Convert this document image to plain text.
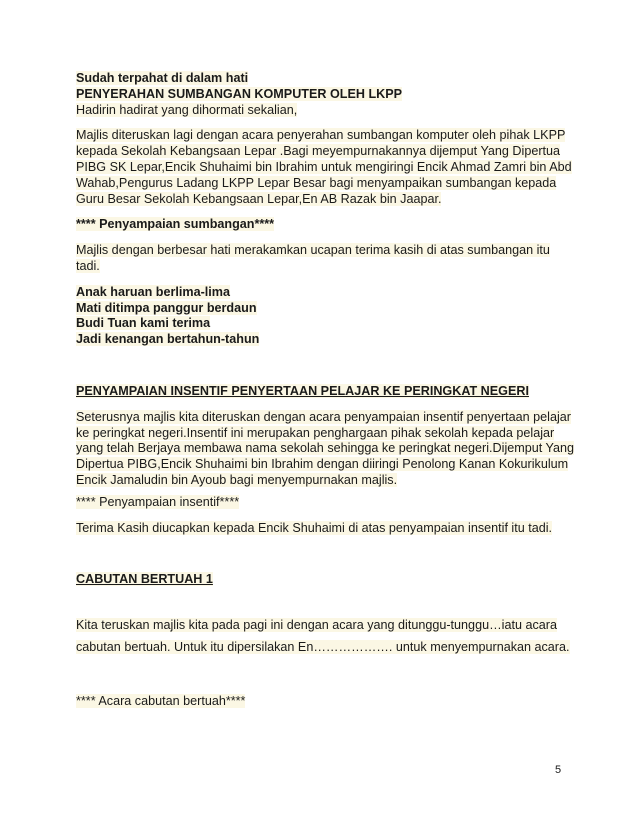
Sudah terpahat di dalam hati

PENYERAHAN SUMBANGAN KOMPUTER OLEH LKPP

Hadirin hadirat yang dihormati sekalian,

Majlis diteruskan lagi dengan acara penyerahan sumbangan komputer oleh pihak LKPP kepada Sekolah Kebangsaan Lepar .Bagi meyempurnakannya dijemput Yang Dipertua PIBG SK Lepar,Encik Shuhaimi bin Ibrahim untuk mengiringi Encik Ahmad Zamri bin Abd Wahab,Pengurus Ladang LKPP Lepar Besar bagi menyampaikan sumbangan kepada Guru Besar Sekolah Kebangsaan Lepar,En AB Razak bin Jaapar.

**** Penyampaian sumbangan****

Majlis dengan berbesar hati merakamkan ucapan terima kasih di atas sumbangan itu tadi.

Anak haruan berlima-lima

Mati ditimpa panggur berdaun

Budi Tuan kami terima

Jadi kenangan bertahun-tahun

PENYAMPAIAN INSENTIF PENYERTAAN PELAJAR KE PERINGKAT NEGERI

Seterusnya majlis kita diteruskan dengan acara penyampaian insentif penyertaan pelajar ke peringkat negeri.Insentif ini merupakan penghargaan pihak sekolah kepada pelajar yang telah Berjaya membawa nama sekolah sehingga ke peringkat negeri.Dijemput Yang Dipertua PIBG,Encik Shuhaimi bin Ibrahim dengan diiringi Penolong Kanan Kokurikulum Encik Jamaludin bin Ayoub bagi menyempurnakan majlis.

**** Penyampaian insentif****

Terima Kasih diucapkan kepada Encik Shuhaimi di atas penyampaian insentif itu tadi.

CABUTAN BERTUAH 1

Kita teruskan majlis kita pada pagi ini dengan acara yang ditunggu-tunggu…iatu acara cabutan bertuah. Untuk itu dipersilakan En………………. untuk menyempurnakan acara.

**** Acara cabutan bertuah****

5
